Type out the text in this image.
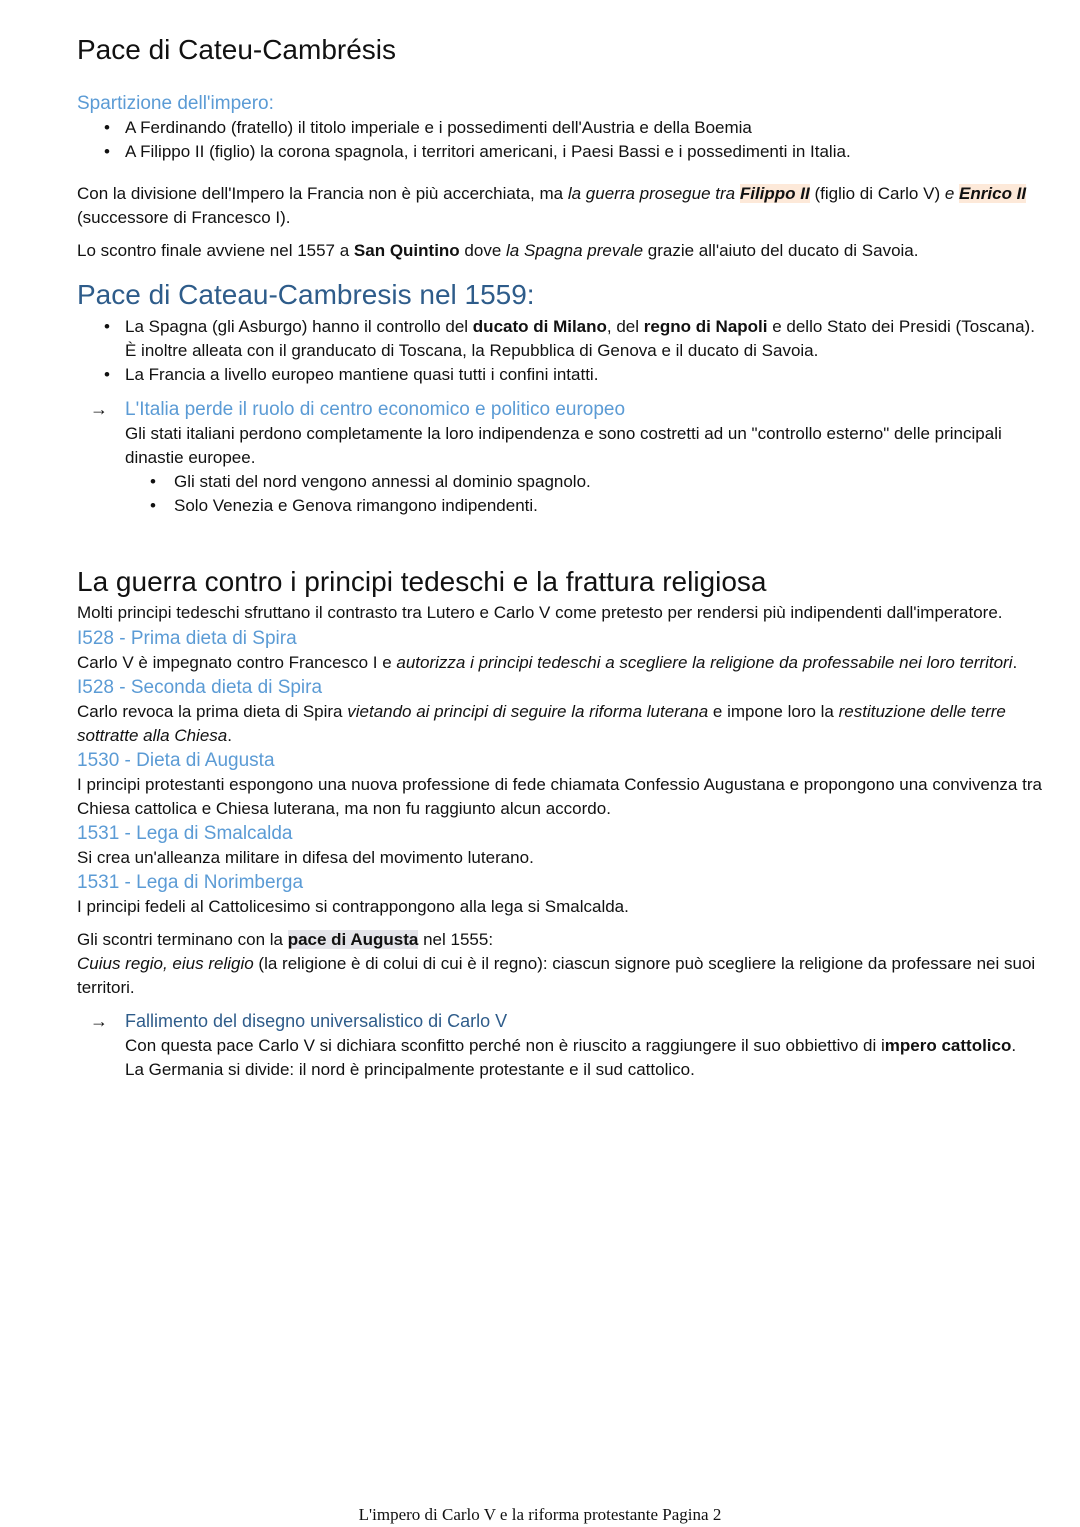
Pace di Cateu-Cambrésis
Spartizione dell'impero:
• A Ferdinando (fratello) il titolo imperiale e i possedimenti dell'Austria e della Boemia
• A Filippo II (figlio) la corona spagnola, i territori americani, i Paesi Bassi e i possedimenti in Italia.

Con la divisione dell'Impero la Francia non è più accerchiata, ma la guerra prosegue tra Filippo II (figlio di Carlo V) e Enrico II (successore di Francesco I).

Lo scontro finale avviene nel 1557 a San Quintino dove la Spagna prevale grazie all'aiuto del ducato di Savoia.

Pace di Cateau-Cambresis nel 1559:
• La Spagna (gli Asburgo) hanno il controllo del ducato di Milano, del regno di Napoli e dello Stato dei Presidi (Toscana). È inoltre alleata con il granducato di Toscana, la Repubblica di Genova e il ducato di Savoia.
• La Francia a livello europeo mantiene quasi tutti i confini intatti.
→ L'Italia perde il ruolo di centro economico e politico europeo

Gli stati italiani perdono completamente la loro indipendenza e sono costretti ad un "controllo esterno" delle principali dinastie europee.

• Gli stati del nord vengono annessi al dominio spagnolo.
• Solo Venezia e Genova rimangono indipendenti.
La guerra contro i principi tedeschi e la frattura religiosa

Molti principi tedeschi sfruttano il contrasto tra Lutero e Carlo V come pretesto per rendersi più indipendenti dall'imperatore.

I528 - Prima dieta di Spira

Carlo V è impegnato contro Francesco I e autorizza i principi tedeschi a scegliere la religione da professabile nei loro territori.

I528 - Seconda dieta di Spira

Carlo revoca la prima dieta di Spira vietando ai principi di seguire la riforma luterana e impone loro la restituzione delle terre sottratte alla Chiesa.

1530 - Dieta di Augusta

I principi protestanti espongono una nuova professione di fede chiamata Confessio Augustana e propongono una convivenza tra Chiesa cattolica e Chiesa luterana, ma non fu raggiunto alcun accordo.

1531 - Lega di Smalcalda

Si crea un'alleanza militare in difesa del movimento luterano.

1531 - Lega di Norimberga

I principi fedeli al Cattolicesimo si contrappongono alla lega si Smalcalda.

Gli scontri terminano con la pace di Augusta nel 1555:
Cuius regio, eius religio (la religione è di colui di cui è il regno): ciascun signore può scegliere la religione da professare nei suoi territori.

→ Fallimento del disegno universalistico di Carlo V

Con questa pace Carlo V si dichiara sconfitto perché non è riuscito a raggiungere il suo obbiettivo di impero cattolico.

La Germania si divide: il nord è principalmente protestante e il sud cattolico.

L'impero di Carlo V e la riforma protestante Pagina 2
